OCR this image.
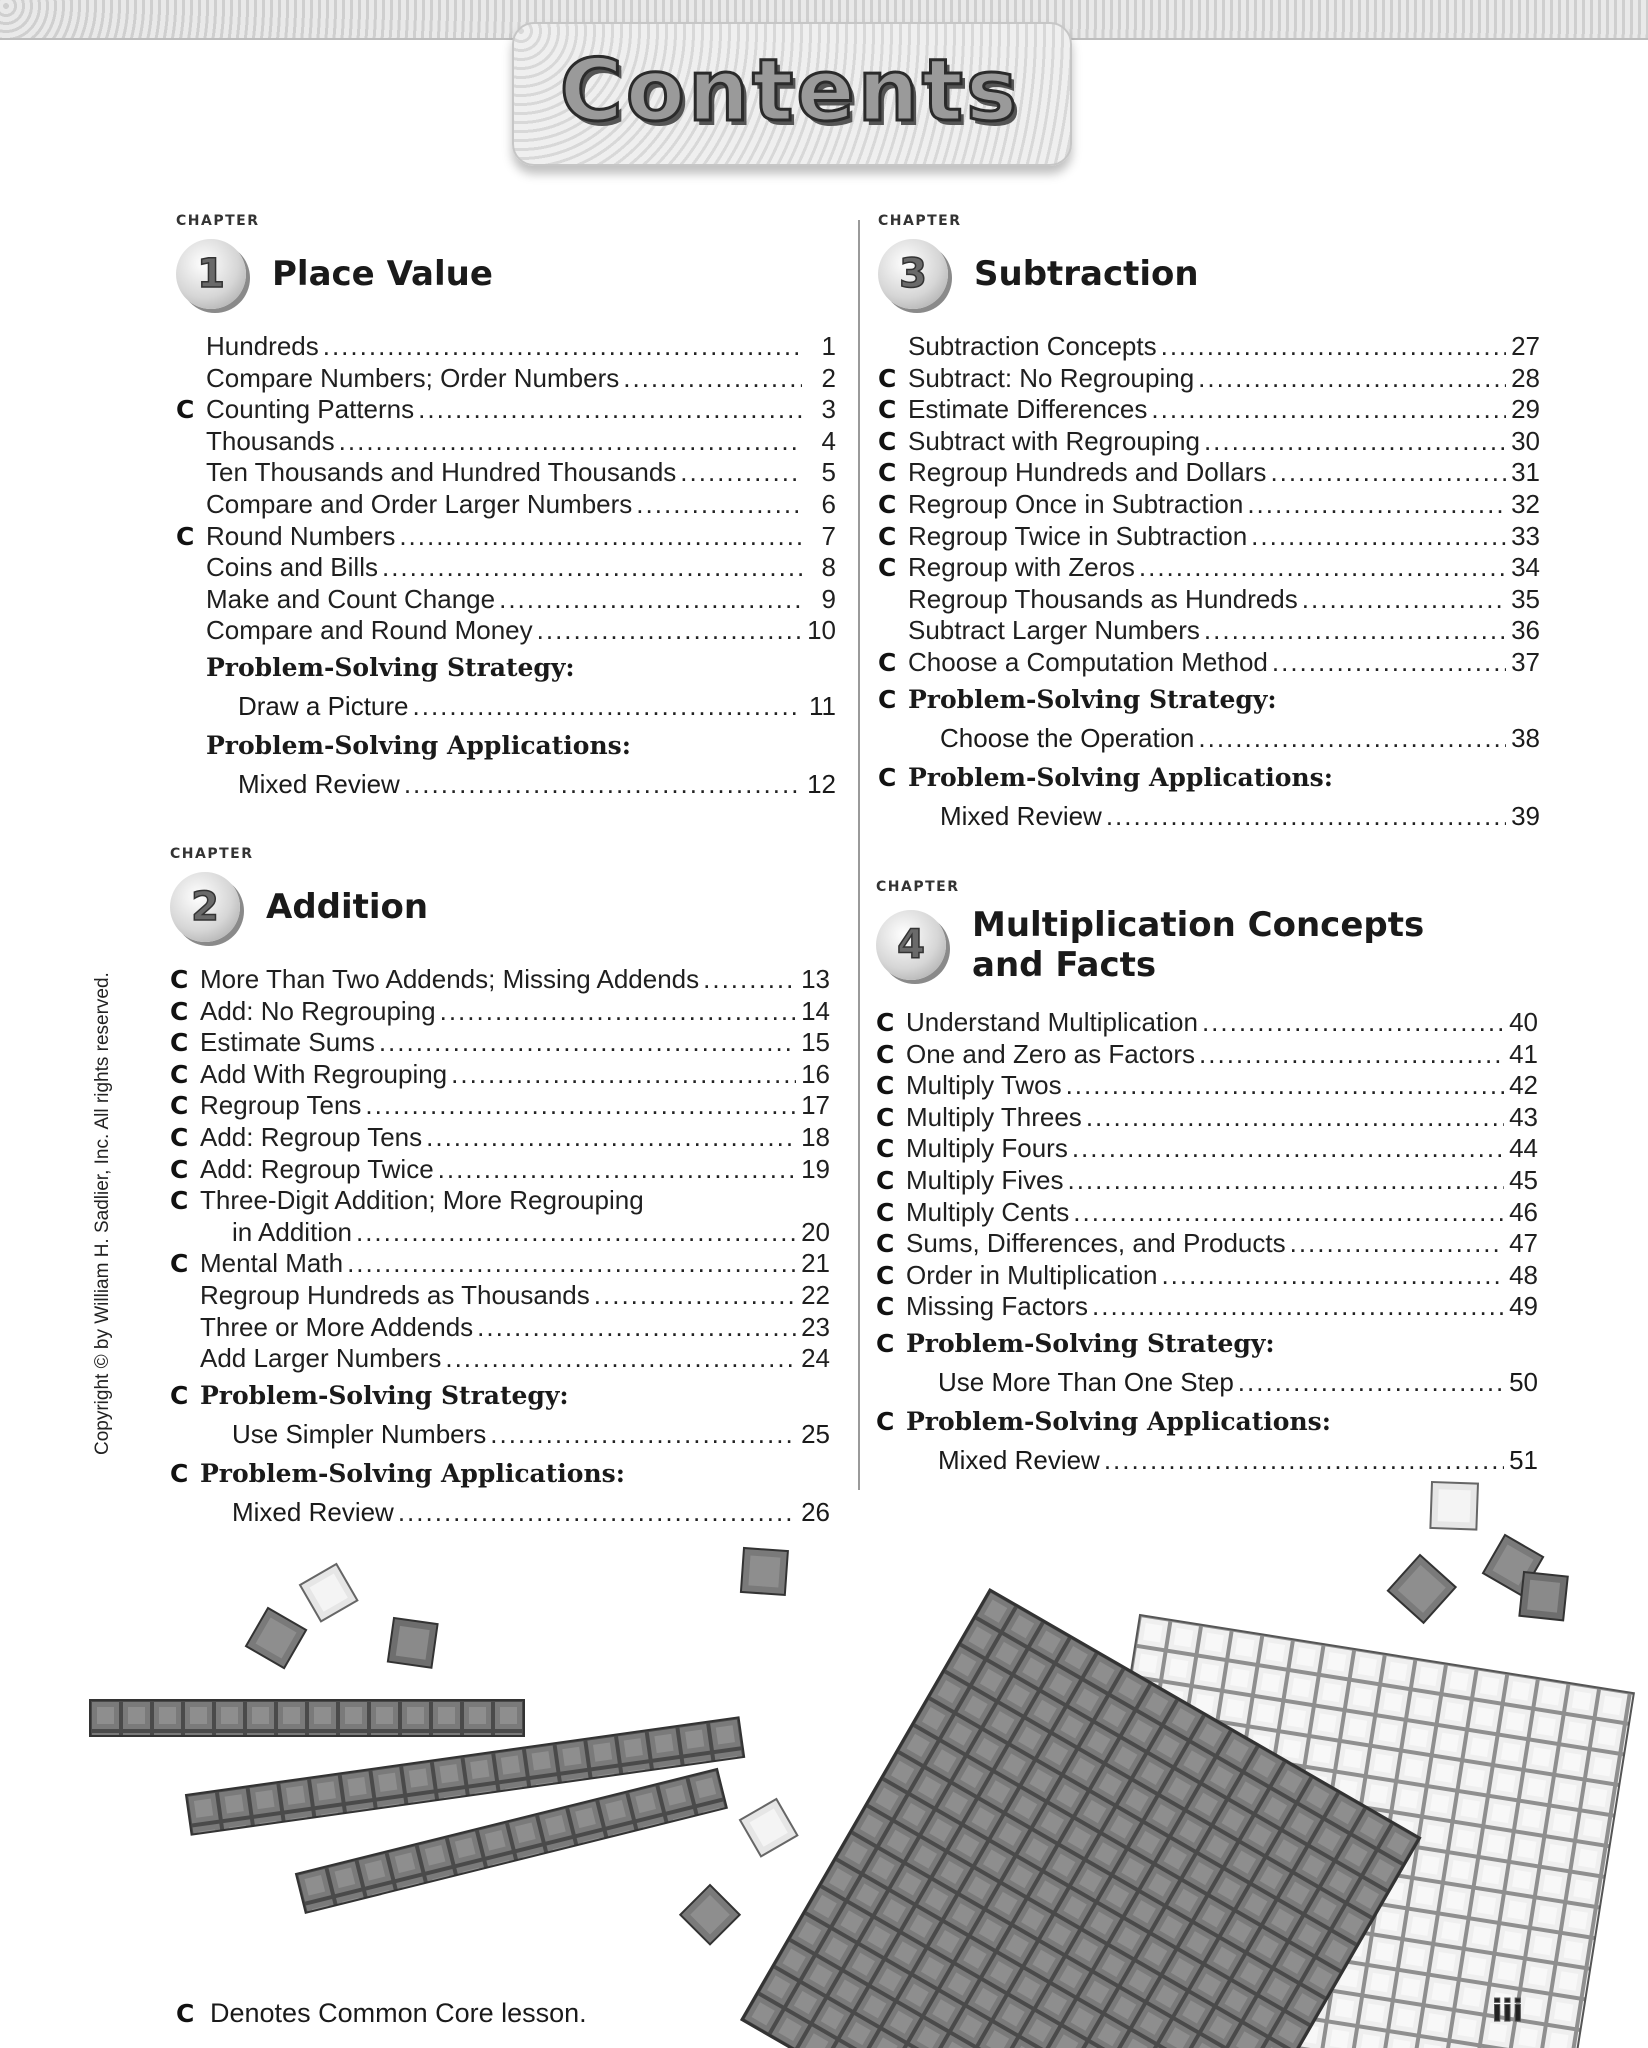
Contents
Copyright © by William H. Sadlier, Inc. All rights reserved.
CHAPTER
1	Place Value
Hundreds .....	1
Compare Numbers; Order Numbers .....	2
C Counting Patterns .....	3
Thousands .....	4
Ten Thousands and Hundred Thousands .....	5
Compare and Order Larger Numbers .....	6
C Round Numbers .....	7
Coins and Bills .....	8
Make and Count Change .....	9
Compare and Round Money .....	10
Problem-Solving Strategy:
Draw a Picture .....	11
Problem-Solving Applications:
Mixed Review .....	12
CHAPTER
2	Addition
C More Than Two Addends; Missing Addends .....	13
C Add: No Regrouping .....	14
C Estimate Sums .....	15
C Add With Regrouping .....	16
C Regroup Tens .....	17
C Add: Regroup Tens .....	18
C Add: Regroup Twice .....	19
C Three-Digit Addition; More Regrouping
in Addition .....	20
C Mental Math .....	21
Regroup Hundreds as Thousands .....	22
Three or More Addends .....	23
Add Larger Numbers .....	24
C Problem-Solving Strategy:
Use Simpler Numbers .....	25
C Problem-Solving Applications:
Mixed Review .....	26
CHAPTER
3	Subtraction
Subtraction Concepts .....	27
C Subtract: No Regrouping .....	28
C Estimate Differences .....	29
C Subtract with Regrouping .....	30
C Regroup Hundreds and Dollars .....	31
C Regroup Once in Subtraction .....	32
C Regroup Twice in Subtraction .....	33
C Regroup with Zeros .....	34
Regroup Thousands as Hundreds .....	35
Subtract Larger Numbers .....	36
C Choose a Computation Method .....	37
C Problem-Solving Strategy:
Choose the Operation .....	38
C Problem-Solving Applications:
Mixed Review .....	39
CHAPTER
4	Multiplication Concepts
and Facts
C Understand Multiplication .....	40
C One and Zero as Factors .....	41
C Multiply Twos .....	42
C Multiply Threes .....	43
C Multiply Fours .....	44
C Multiply Fives .....	45
C Multiply Cents .....	46
C Sums, Differences, and Products .....	47
C Order in Multiplication .....	48
C Missing Factors .....	49
C Problem-Solving Strategy:
Use More Than One Step .....	50
C Problem-Solving Applications:
Mixed Review .....	51
C Denotes Common Core lesson.	iii
